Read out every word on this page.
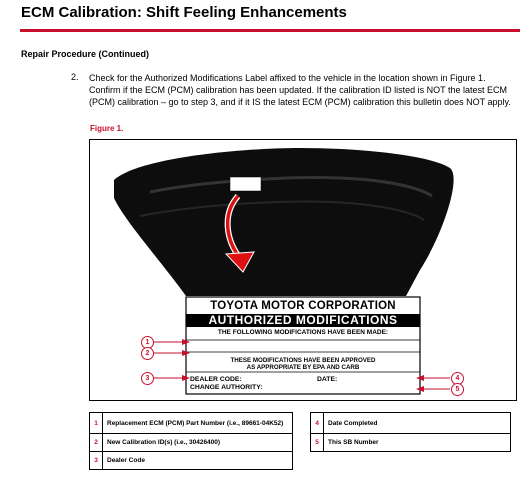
ECM Calibration: Shift Feeling Enhancements
Repair Procedure (Continued)
2. Check for the Authorized Modifications Label affixed to the vehicle in the location shown in Figure 1. Confirm if the ECM (PCM) calibration has been updated. If the calibration ID listed is NOT the latest ECM (PCM) calibration – go to step 3, and if it IS the latest ECM (PCM) calibration this bulletin does NOT apply.
Figure 1.
TOYOTA MOTOR CORPORATION
AUTHORIZED MODIFICATIONS
THE FOLLOWING MODIFICATIONS HAVE BEEN MADE:
THESE MODIFICATIONS HAVE BEEN APPROVED
AS APPROPRIATE BY EPA AND CARB
DEALER CODE:	DATE:
CHANGE AUTHORITY:
1
2
3	4
5
1	Replacement ECM (PCM) Part Number (i.e., 89661-04K52)		4	Date Completed
2	New Calibration ID(s) (i.e., 30426400)		5	This SB Number
3	Dealer Code			
